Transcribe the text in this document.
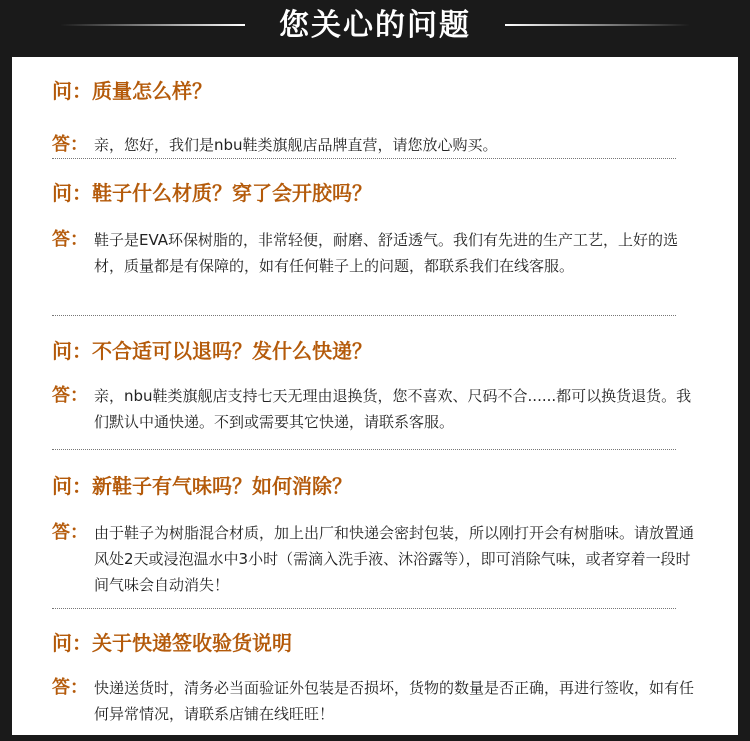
您关心的问题
问：质量怎么样？
答： 亲，您好，我们是nbu鞋类旗舰店品牌直营，请您放心购买。
问：鞋子什么材质？穿了会开胶吗？
答： 鞋子是EVA环保树脂的，非常轻便，耐磨、舒适透气。我们有先进的生产工艺，上好的选材，质量都是有保障的，如有任何鞋子上的问题，都联系我们在线客服。
问：不合适可以退吗？发什么快递？
答： 亲，nbu鞋类旗舰店支持七天无理由退换货，您不喜欢、尺码不合......都可以换货退货。我们默认中通快递。不到或需要其它快递，请联系客服。
问：新鞋子有气味吗？如何消除？
答： 由于鞋子为树脂混合材质，加上出厂和快递会密封包装，所以刚打开会有树脂味。请放置通风处2天或浸泡温水中3小时（需滴入洗手液、沐浴露等），即可消除气味，或者穿着一段时间气味会自动消失！
问：关于快递签收验货说明
答： 快递送货时，清务必当面验证外包装是否损坏，货物的数量是否正确，再进行签收，如有任何异常情况，请联系店铺在线旺旺！
